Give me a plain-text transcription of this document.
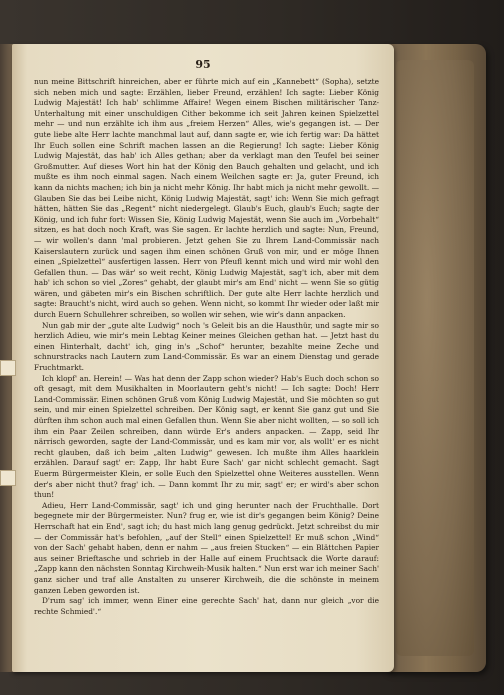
95

nun meine Bittschrift hinreichen, aber er führte mich auf ein „Kannebett“ (Sopha), setzte sich neben mich und sagte: Erzählen, lieber Freund, erzählen! Ich sagte: Lieber König Ludwig Majestät! Ich hab' schlimme Affaire! Wegen einem Bischen militärischer Tanz-Unterhaltung mit einer unschuldigen Cither bekomme ich seit Jahren keinen Spielzettel mehr — und nun erzählte ich ihm aus „freiem Herzen“ Alles, wie's gegangen ist. — Der gute liebe alte Herr lachte manchmal laut auf, dann sagte er, wie ich fertig war: Da hättet Ihr Euch sollen eine Schrift machen lassen an die Regierung! Ich sagte: Lieber König Ludwig Majestät, das hab' ich Alles gethan; aber da verklagt man den Teufel bei seiner Großmutter. Auf dieses Wort hin hat der König den Bauch gehalten und gelacht, und ich mußte es ihm noch einmal sagen. Nach einem Weilchen sagte er: Ja, guter Freund, ich kann da nichts machen; ich bin ja nicht mehr König. Ihr habt mich ja nicht mehr gewollt. — Glauben Sie das bei Leibe nicht, König Ludwig Majestät, sagt' ich: Wenn Sie mich gefragt hätten, hätten Sie das „Regent“ nicht niedergelegt. Glaub's Euch, glaub's Euch; sagte der König, und ich fuhr fort: Wissen Sie, König Ludwig Majestät, wenn Sie auch im „Vorbehalt“ sitzen, es hat doch noch Kraft, was Sie sagen. Er lachte herzlich und sagte: Nun, Freund, — wir wollen's dann 'mal probieren. Jetzt gehen Sie zu Ihrem Land-Commissär nach Kaiserslautern zurück und sagen ihm einen schönen Gruß von mir, und er möge Ihnen einen „Spielzettel“ ausfertigen lassen. Herr von Pfeufl kennt mich und wird mir wohl den Gefallen thun. — Das wär' so weit recht, König Ludwig Majestät, sag't ich, aber mit dem hab' ich schon so viel „Zores“ gehabt, der glaubt mir's am End' nicht — wenn Sie so gütig wären, und gäbeten mir's ein Bischen schriftlich. Der gute alte Herr lachte herzlich und sagte: Braucht's nicht, wird auch so gehen. Wenn nicht, so kommt Ihr wieder oder laßt mir durch Euern Schullehrer schreiben, so wollen wir sehen, wie wir's dann anpacken.

Nun gab mir der „gute alte Ludwig“ noch 's Geleit bis an die Hausthür, und sagte mir so herzlich Adieu, wie mir's mein Lebtag Keiner meines Gleichen gethan hat. — Jetzt hast du einen Hinterhalt, dacht' ich, ging in's „Schof“ herunter, bezahlte meine Zeche und schnurstracks nach Lautern zum Land-Commissär. Es war an einem Dienstag und gerade Fruchtmarkt.

Ich klopf' an. Herein! — Was hat denn der Zapp schon wieder? Hab's Euch doch schon so oft gesagt, mit dem Musikhalten in Moorlautern geht's nicht! — Ich sagte: Doch! Herr Land-Commissär. Einen schönen Gruß vom König Ludwig Majestät, und Sie möchten so gut sein, und mir einen Spielzettel schreiben. Der König sagt, er kennt Sie ganz gut und Sie dürften ihm schon auch mal einen Gefallen thun. Wenn Sie aber nicht wollten, — so soll ich ihm ein Paar Zeilen schreiben, dann würde Er's anders anpacken. — Zapp, seid Ihr närrisch geworden, sagte der Land-Commissär, und es kam mir vor, als wollt' er es nicht recht glauben, daß ich beim „alten Ludwig“ gewesen. Ich mußte ihm Alles haarklein erzählen. Darauf sagt' er: Zapp, Ihr habt Eure Sach' gar nicht schlecht gemacht. Sagt Euerm Bürgermeister Klein, er solle Euch den Spielzettel ohne Weiteres ausstellen. Wenn der's aber nicht thut? frag' ich. — Dann kommt Ihr zu mir, sagt' er; er wird's aber schon thun!

Adieu, Herr Land-Commissär, sagt' ich und ging herunter nach der Fruchthalle. Dort begegnete mir der Bürgermeister. Nun? frug er, wie ist dir's gegangen beim König? Deine Herrschaft hat ein End', sagt ich; du hast mich lang genug gedrückt. Jetzt schreibst du mir — der Commissär hat's befohlen, „auf der Stell“ einen Spielzettel! Er muß schon „Wind“ von der Sach' gehabt haben, denn er nahm — „aus freien Stucken“ — ein Blättchen Papier aus seiner Brieftasche und schrieb in der Halle auf einem Fruchtsack die Worte darauf: „Zapp kann den nächsten Sonntag Kirchweih-Musik halten.“ Nun erst war ich meiner Sach' ganz sicher und traf alle Anstalten zu unserer Kirchweih, die die schönste in meinem ganzen Leben geworden ist.

D'rum sag' ich immer, wenn Einer eine gerechte Sach' hat, dann nur gleich „vor die rechte Schmied'.“
